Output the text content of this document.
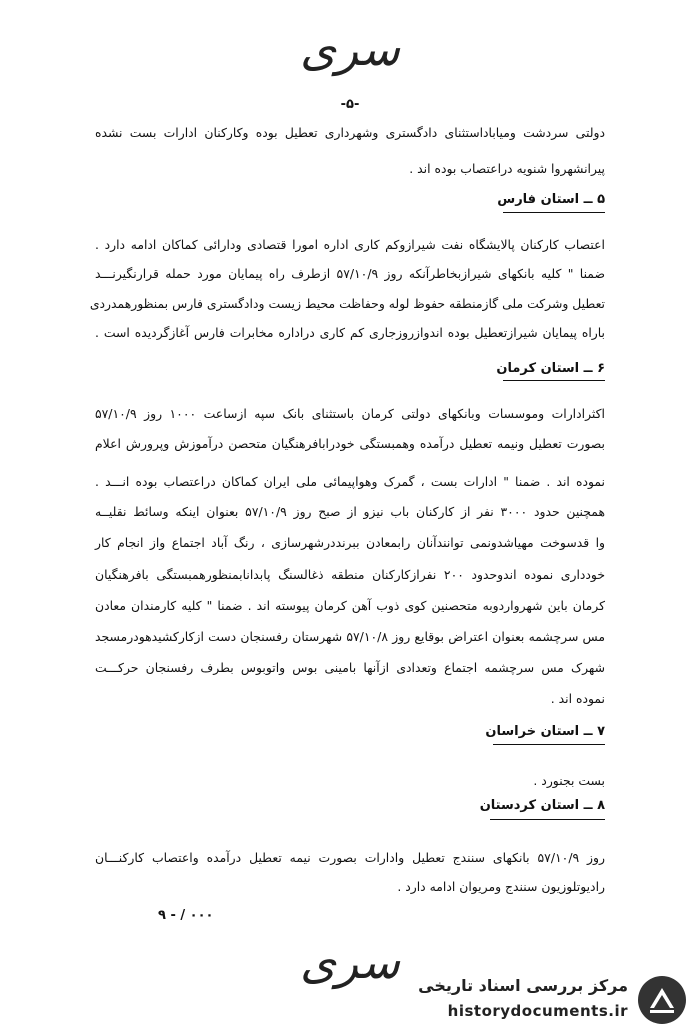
سری
-۵-
دولتی سردشت ومیاباداستثنای دادگستری وشهرداری تعطیل بوده وکارکنان ادارات بست نشده
پیرانشهروا شنویه دراعتصاب بوده اند .
۵ ــ استان فارس
اعتصاب کارکنان پالایشگاه نفت شیرازوکم کاری اداره امورا قتصادی ودارائی کماکان ادامه دارد .
ضمنا " کلیه بانکهای شیرازبخاطرآنکه روز ۵۷/۱۰/۹ ازطرف راه پیمایان مورد حمله قرارنگیرنـــد
تعطیل وشرکت ملی گازمنطقه حفوظ لوله وحفاظت محیط زیست ودادگستری فارس بمنظورهمدردی
باراه پیمایان شیرازتعطیل بوده اندوازروزجاری کم کاری دراداره مخابرات فارس آغازگردیده است .
۶ ــ استان کرمان
اکثرادارات وموسسات وبانکهای دولتی کرمان باستثنای بانک سپه ازساعت ۱۰۰۰ روز ۵۷/۱۰/۹
بصورت تعطیل ونیمه تعطیل درآمده وهمبستگی خودرابافرهنگیان متحصن درآموزش وپرورش اعلام
نموده اند . ضمنا " ادارات بست ، گمرک وهواپیمائی ملی ایران کماکان دراعتصاب بوده انـــد .
همچنین حدود ۳۰۰۰ نفر از کارکنان باب نیزو از صبح روز ۵۷/۱۰/۹ بعنوان اینکه وسائط نقلیــه
وا قدسوخت مهیاشدونمی توانندآنان رابمعادن ببرنددرشهرسازی ، رنگ آباد اجتماع واز انجام کار
خودداری نموده اندوحدود ۲۰۰ نفرازکارکنان منطقه ذغالسنگ پابدانابمنظورهمبستگی بافرهنگیان
کرمان باین شهرواردوبه متحصنین کوی ذوب آهن کرمان پیوسته اند . ضمنا " کلیه کارمندان معادن
مس سرچشمه بعنوان اعتراض بوقایع روز ۵۷/۱۰/۸ شهرستان رفسنجان دست ازکارکشیدهودرمسجد
شهرک مس سرچشمه اجتماع وتعدادی ازآنها بامینی بوس واتوبوس بطرف رفسنجان حرکـــت
نموده اند .
۷ ــ استان خراسان
بست بجنورد .
۸ ــ استان کردستان
روز ۵۷/۱۰/۹ بانکهای سنندج تعطیل وادارات بصورت نیمه تعطیل درآمده واعتصاب کارکنـــان
رادیوتلوزیون سنندج ومریوان ادامه دارد .
۹ - / ۰۰۰
سری	مرکز بررسی اسناد تاریخی
historydocuments.ir
